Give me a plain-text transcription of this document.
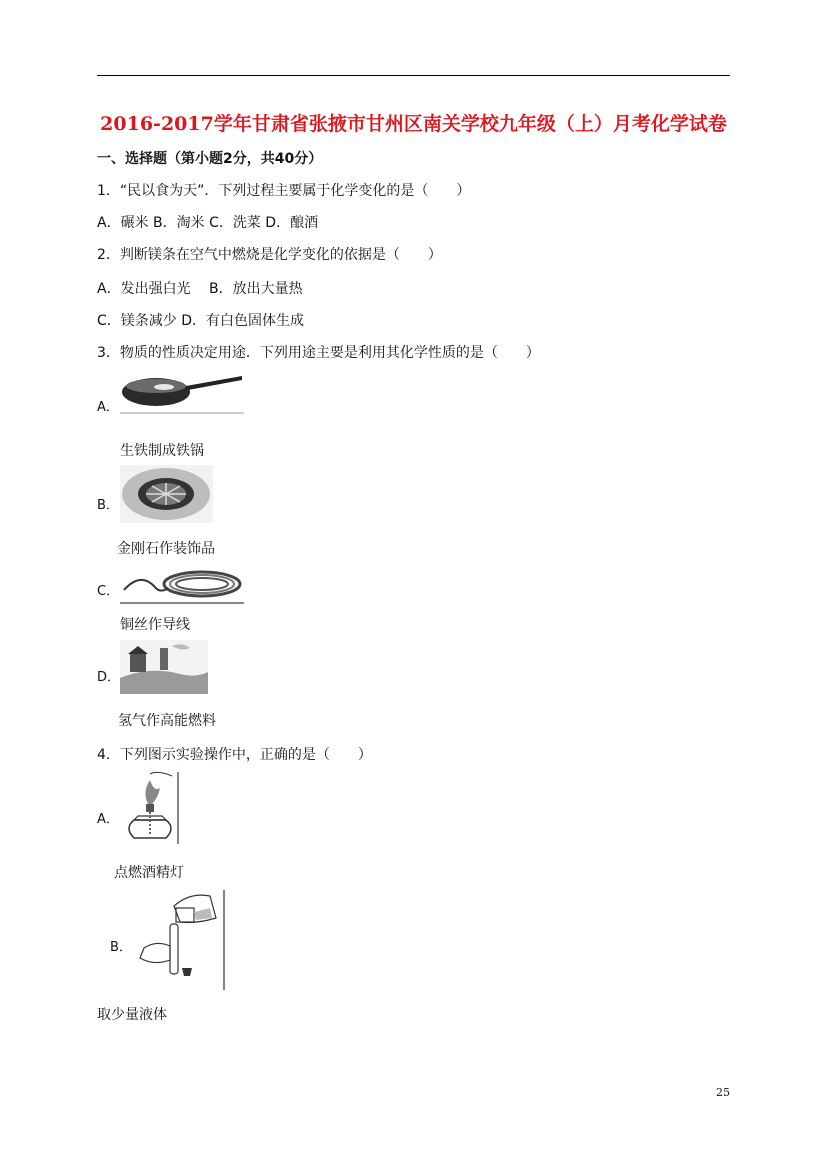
2016-2017学年甘肃省张掖市甘州区南关学校九年级（上）月考化学试卷
一、选择题（第小题2分，共40分）
1．“民以食为天”．下列过程主要属于化学变化的是（　　）
A．碾米 B．淘米 C．洗菜 D．酿酒
2．判断镁条在空气中燃烧是化学变化的依据是（　　）
A．发出强白光　 B．放出大量热
C．镁条减少 D．有白色固体生成
3．物质的性质决定用途．下列用途主要是利用其化学性质的是（　　）
A．
生铁制成铁锅
B．
金刚石作装饰品
C．
铜丝作导线
D．
氢气作高能燃料
4．下列图示实验操作中，正确的是（　　）
A．
点燃酒精灯
B．
取少量液体
25
